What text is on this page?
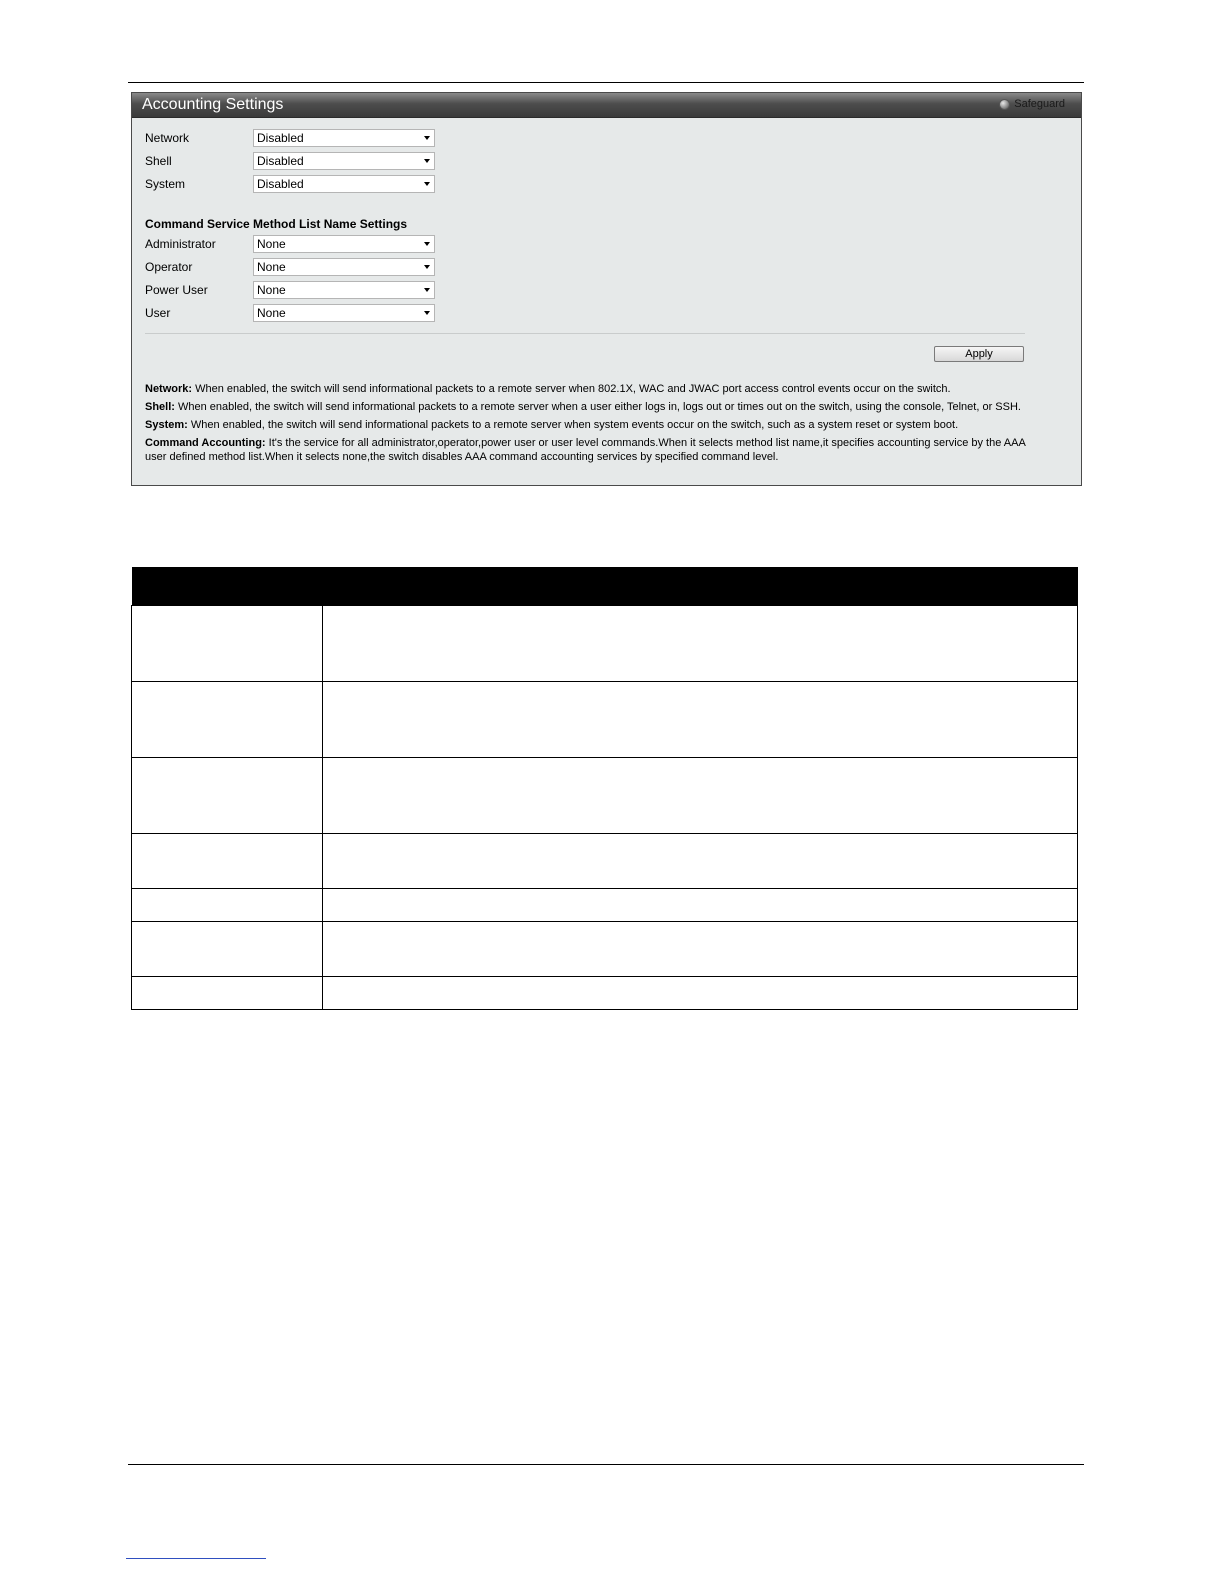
Accounting Settings	Safeguard
Network	Disabled
Shell	Disabled
System	Disabled
Command Service Method List Name Settings
Administrator	None
Operator	None
Power User	None
User	None
Apply

Network: When enabled, the switch will send informational packets to a remote server when 802.1X, WAC and JWAC port access control events occur on the switch.

Shell: When enabled, the switch will send informational packets to a remote server when a user either logs in, logs out or times out on the switch, using the console, Telnet, or SSH.

System: When enabled, the switch will send informational packets to a remote server when system events occur on the switch, such as a system reset or system boot.

Command Accounting: It's the service for all administrator,operator,power user or user level commands.When it selects method list name,it specifies accounting service by the AAA user defined method list.When it selects none,the switch disables AAA command accounting services by specified command level.
